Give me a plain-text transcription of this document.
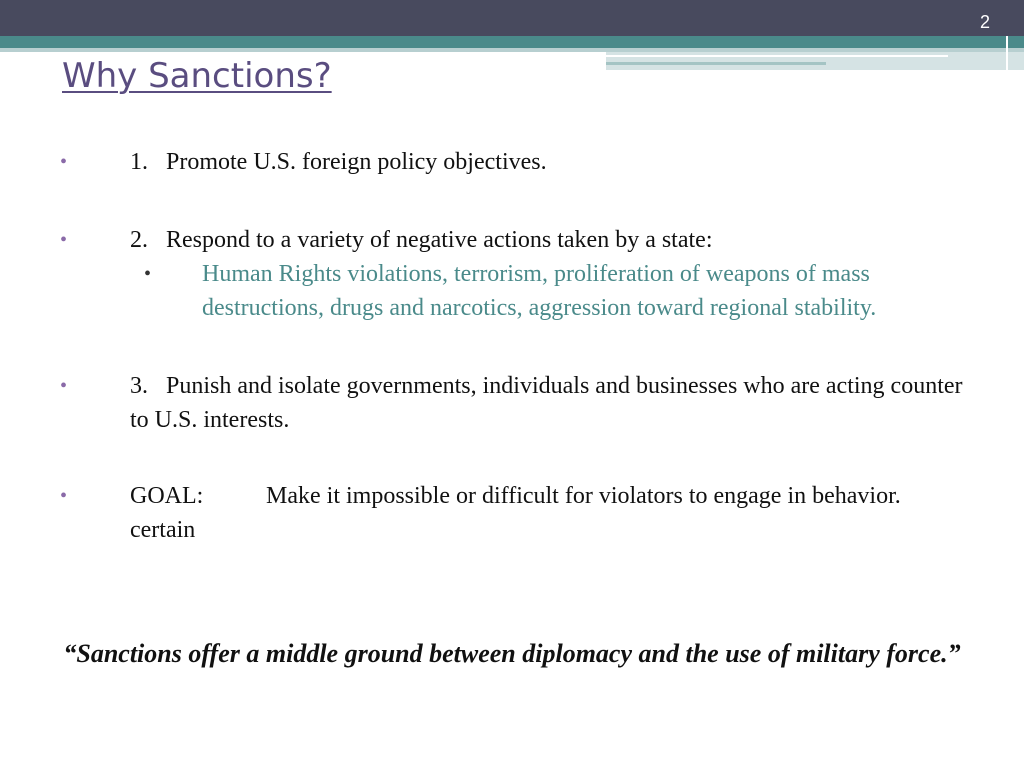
2
Why Sanctions?
• 1. Promote U.S. foreign policy objectives.
• 2. Respond to a variety of negative actions taken by a state:
• Human Rights violations, terrorism, proliferation of weapons of mass destructions, drugs and narcotics, aggression toward regional stability.
• 3. Punish and isolate governments, individuals and businesses who are acting counter to U.S. interests.
• GOAL:
certain
Make it impossible or difficult for violators to engage in behavior.

“Sanctions offer a middle ground between diplomacy and the use of military force.”
